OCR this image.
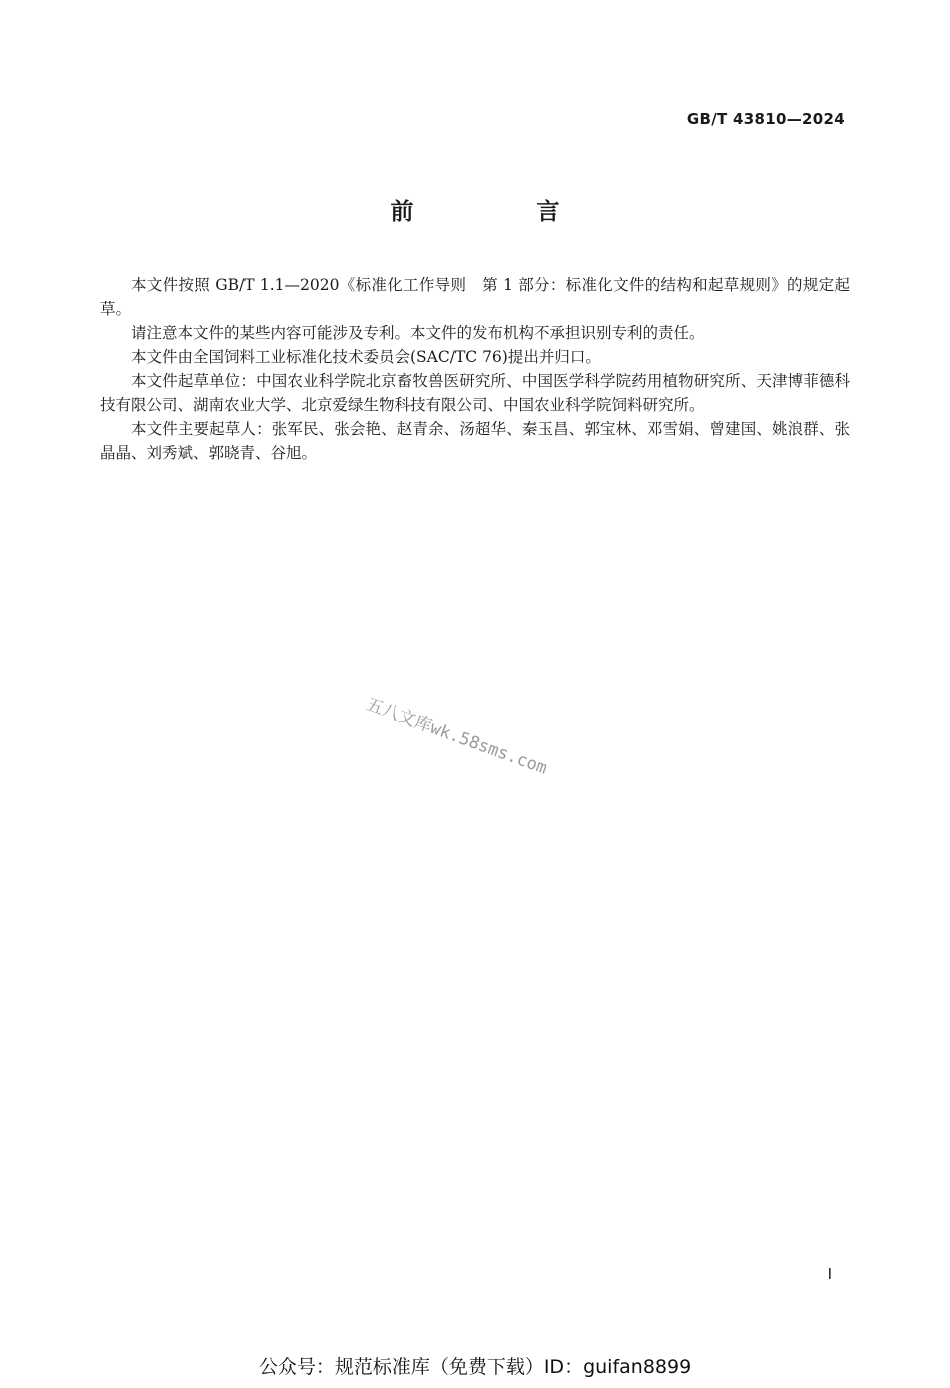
GB/T 43810—2024
前　言

本文件按照 GB/T 1.1—2020《标准化工作导则　第 1 部分：标准化文件的结构和起草规则》的规定起草。

请注意本文件的某些内容可能涉及专利。本文件的发布机构不承担识别专利的责任。

本文件由全国饲料工业标准化技术委员会(SAC/TC 76)提出并归口。

本文件起草单位：中国农业科学院北京畜牧兽医研究所、中国医学科学院药用植物研究所、天津博菲德科技有限公司、湖南农业大学、北京爱绿生物科技有限公司、中国农业科学院饲料研究所。

本文件主要起草人：张军民、张会艳、赵青余、汤超华、秦玉昌、郭宝林、邓雪娟、曾建国、姚浪群、张晶晶、刘秀斌、郭晓青、谷旭。

五八文库wk.58sms.com
I
公众号：规范标准库（免费下载）ID：guifan8899
